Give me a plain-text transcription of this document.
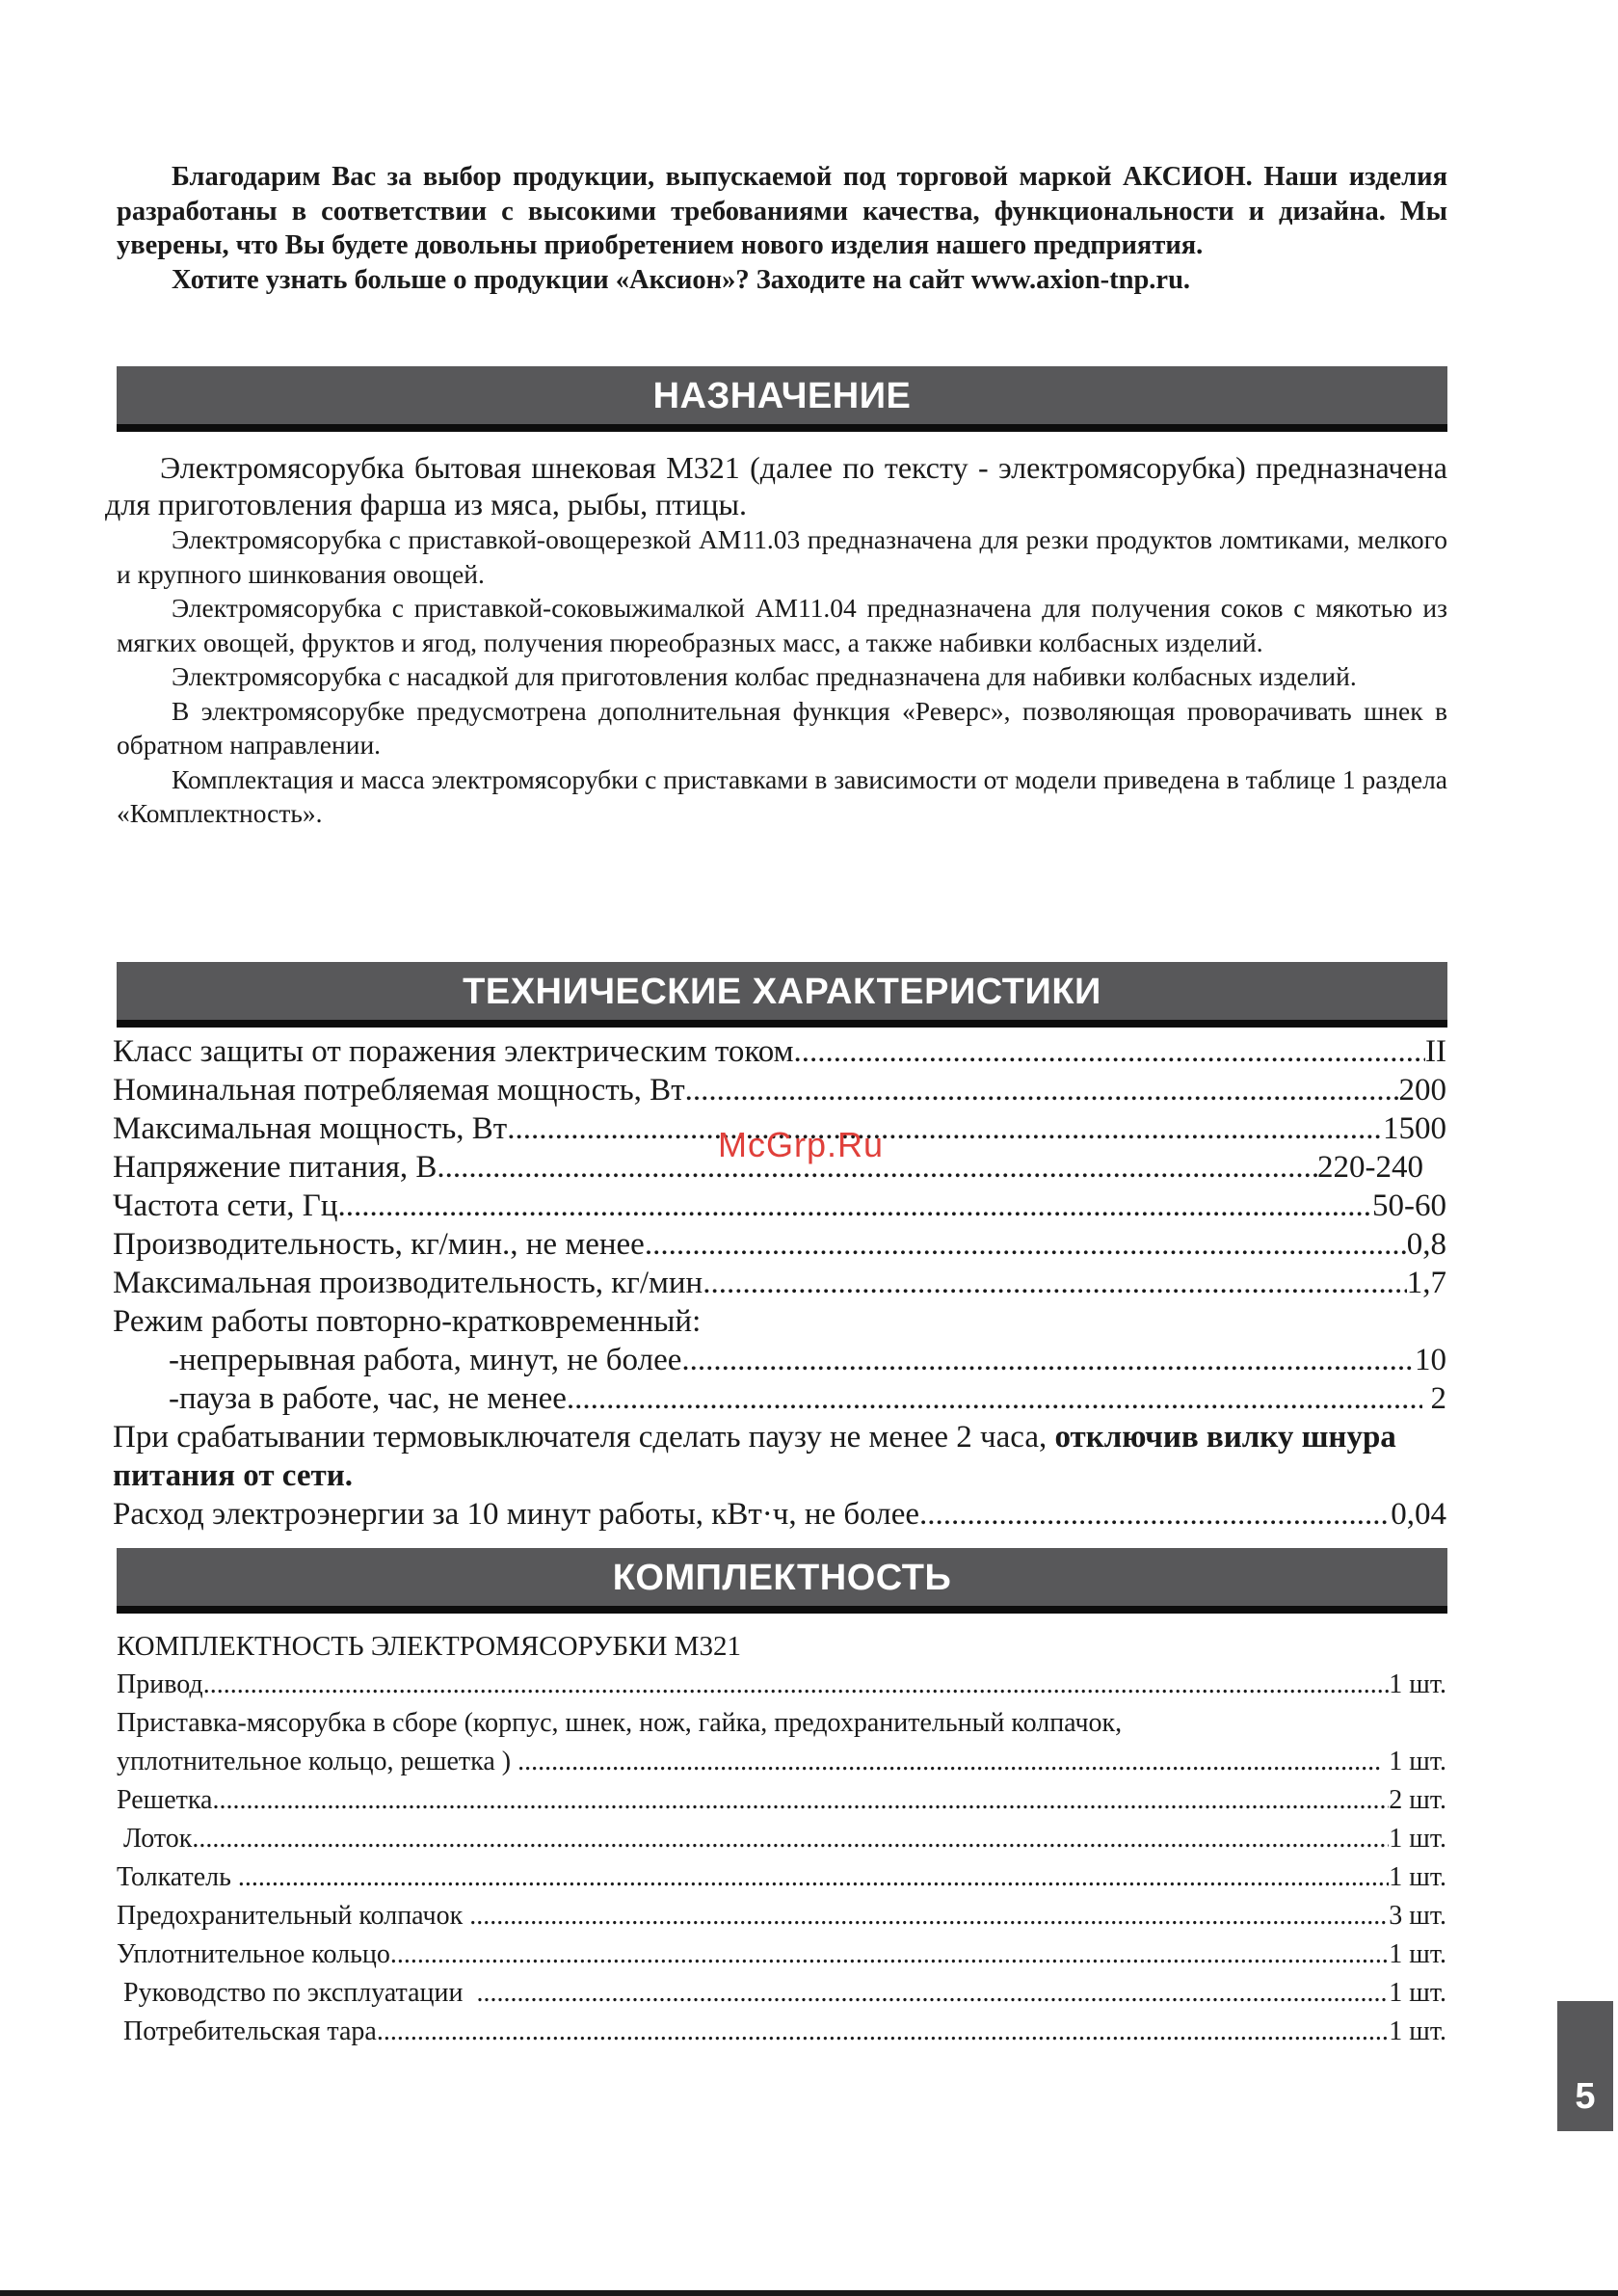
Благодарим Вас за выбор продукции, выпускаемой под торговой маркой АКСИОН. Наши изделия разработаны в соответствии с высокими требованиями качества, функциональности и дизайна. Мы уверены, что Вы будете довольны приобретением нового изделия нашего предприятия.

Хотите узнать больше о продукции «Аксион»? Заходите на сайт www.axion-tnp.ru.

НАЗНАЧЕНИЕ

Электромясорубка бытовая шнековая М321 (далее по тексту - электромясорубка) предназначена для приготовления фарша из мяса, рыбы, птицы.

Электромясорубка с приставкой-овощерезкой АМ11.03 предназначена для резки продуктов ломтиками, мелкого и крупного шинкования овощей.

Электромясорубка с приставкой-соковыжималкой АМ11.04 предназначена для получения соков с мякотью из мягких овощей, фруктов и ягод, получения пюреобразных масс, а также набивки колбасных изделий.

Электромясорубка с насадкой для приготовления колбас предназначена для набивки колбасных изделий.

В электромясорубке предусмотрена дополнительная функция «Реверс», позволяющая проворачивать шнек в обратном направлении.

Комплектация и масса электромясорубки с приставками в зависимости от модели приведена в таблице 1 раздела «Комплектность».

ТЕХНИЧЕСКИЕ ХАРАКТЕРИСТИКИ
Класс защиты от поражения электрическим током .....	II
Номинальная потребляемая мощность, Вт .....	200
Максимальная мощность, Вт .....	1500
Напряжение питания, В .....	220-240
Частота сети, Гц .....	50-60
Производительность, кг/мин., не менее .....	0,8
Максимальная производительность, кг/мин .....	1,7
Режим работы повторно-кратковременный:
-непрерывная работа, минут, не более .....	10
-пауза в работе, час, не менее .....	2
При срабатывании термовыключателя сделать паузу не менее 2 часа, отключив вилку шнура питания от сети.
Расход электроэнергии за 10 минут работы, кВт·ч, не более .....	0,04
McGrp.Ru
КОМПЛЕКТНОСТЬ
КОМПЛЕКТНОСТЬ ЭЛЕКТРОМЯСОРУБКИ М321
Привод .....	1 шт.
Приставка-мясорубка в сборе (корпус, шнек, нож, гайка, предохранительный колпачок,
уплотнительное кольцо, решетка ) .....	1 шт.
Решетка .....	2 шт.
Лоток .....	1 шт.
Толкатель .....	1 шт.
Предохранительный колпачок .....	3 шт.
Уплотнительное кольцо .....	1 шт.
Руководство по эксплуатации .....	1 шт.
Потребительская тара .....	1 шт.
5
